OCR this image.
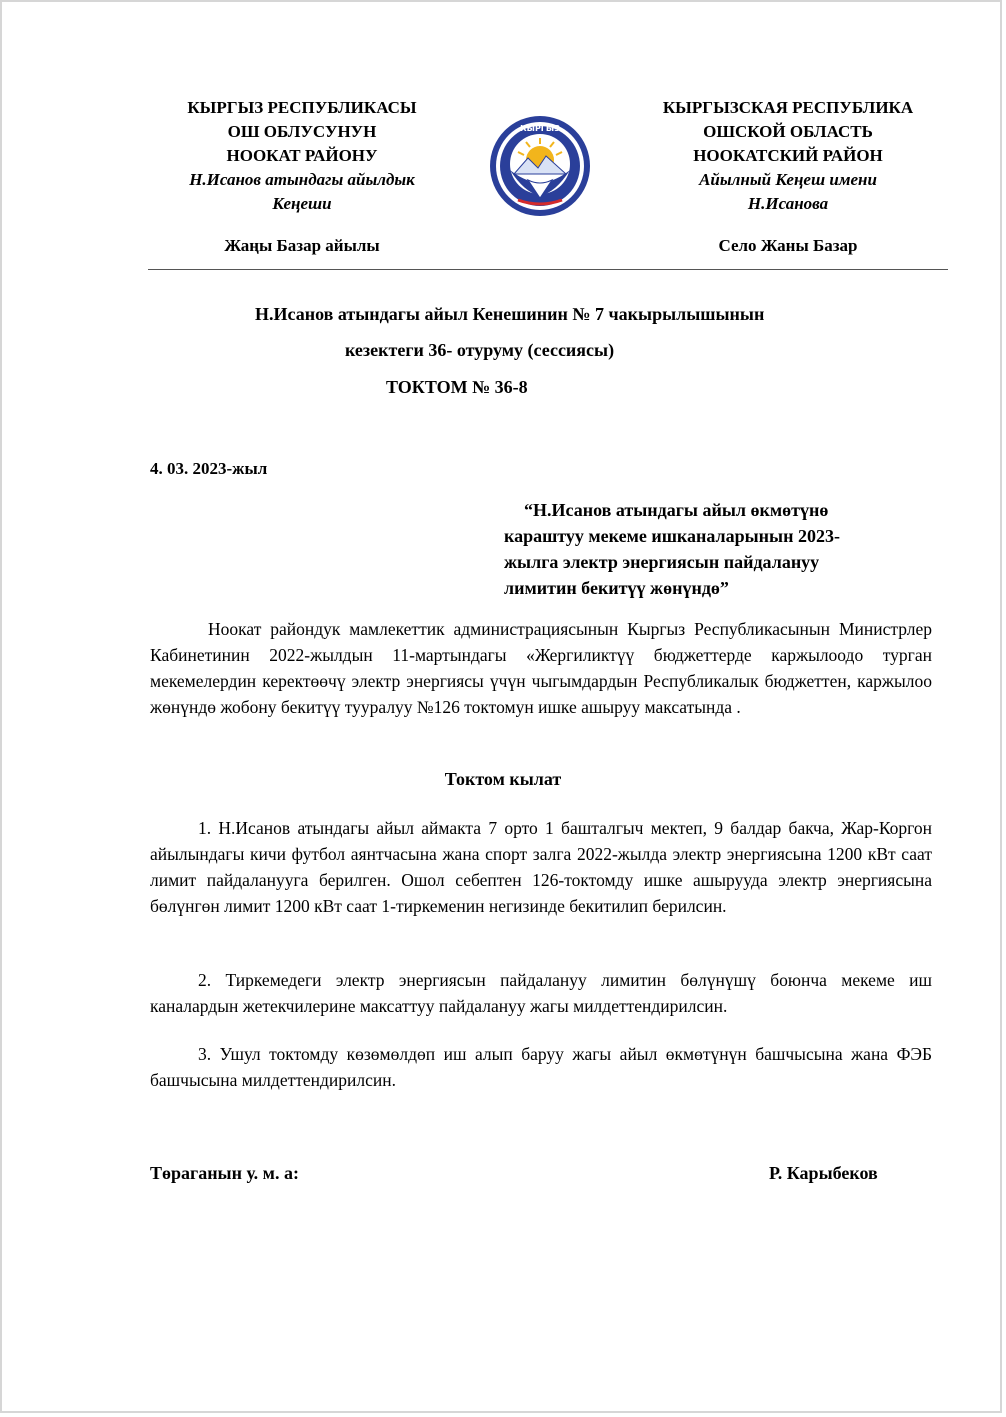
КЫРГЫЗ РЕСПУБЛИКАСЫ
ОШ ОБЛУСУНУН
НООКАТ РАЙОНУ
Н.Исанов атындагы айылдык
Кеңеши
Жаңы Базар айылы
КЫРГЫЗ
КЫРГЫЗСКАЯ РЕСПУБЛИКА
ОШСКОЙ ОБЛАСТЬ
НООКАТСКИЙ РАЙОН
Айылный Кеңеш имени
Н.Исанова
Село Жаны Базар
Н.Исанов атындагы айыл Кенешинин № 7 чакырылышынын
кезектеги 36- отуруму (сессиясы)
ТОКТОМ № 36-8
4. 03. 2023-жыл
“Н.Исанов атындагы айыл өкмөтүнө
караштуу мекеме ишканаларынын 2023-
жылга электр энергиясын пайдалануу
лимитин бекитүү жөнүндө”
Ноокат райондук мамлекеттик администрациясынын Кыргыз Республикасынын Министрлер Кабинетинин 2022-жылдын 11-мартындагы «Жергиликтүү бюджеттерде каржылоодо турган мекемелердин керектөөчү электр энергиясы үчүн чыгымдардын Республикалык бюджеттен, каржылоо жөнүндө жобону бекитүү тууралуу №126 токтомун ишке ашыруу максатында .
Токтом кылат
1. Н.Исанов атындагы айыл аймакта 7 орто 1 башталгыч мектеп, 9 балдар бакча, Жар-Коргон айылындагы кичи футбол аянтчасына жана спорт залга 2022-жылда электр энергиясына 1200 кВт саат лимит пайдаланууга берилген. Ошол себептен 126-токтомду ишке ашырууда электр энергиясына бөлүнгөн лимит 1200 кВт саат 1-тиркеменин негизинде бекитилип берилсин.
2. Тиркемедеги электр энергиясын пайдалануу лимитин бөлүнүшү боюнча мекеме иш каналардын жетекчилерине максаттуу пайдалануу жагы милдеттендирилсин.
3. Ушул токтомду көзөмөлдөп иш алып баруу жагы айыл өкмөтүнүн башчысына жана ФЭБ башчысына милдеттендирилсин.
Төраганын у. м. а:	Р. Карыбеков
